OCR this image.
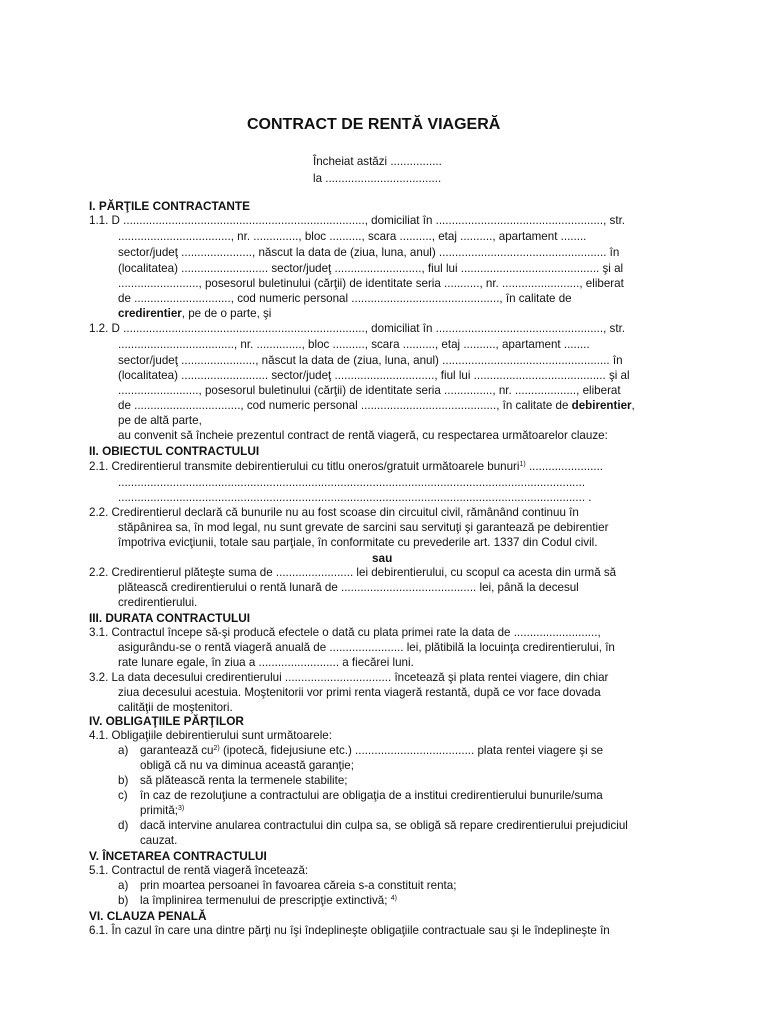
CONTRACT DE RENTĂ VIAGERĂ
Încheiat astăzi ................
la ....................................
I. PĂRŢILE CONTRACTANTE
1.1. D ..........................................................................., domiciliat în ...................................................., str.
..................................., nr. .............., bloc .........., scara .........., etaj .........., apartament ........
sector/judeţ ......................, născut la data de (ziua, luna, anul) .................................................... în
(localitatea) ........................... sector/judeţ ..........................., fiul lui ........................................... şi al
........................., posesorul buletinului (cărţii) de identitate seria ..........., nr. ........................, eliberat
de .............................., cod numeric personal .............................................., în calitate de
credirentier, pe de o parte, şi
1.2. D ..........................................................................., domiciliat în ...................................................., str.
...................................., nr. .............., bloc .........., scara .........., etaj .........., apartament ........
sector/judeţ ......................., născut la data de (ziua, luna, anul) .................................................... în
(localitatea) ........................... sector/judeţ ..............................., fiul lui ......................................... şi al
........................., posesorul buletinului (cărţii) de identitate seria ..............., nr. ..................., eliberat
de ................................., cod numeric personal .........................................., în calitate de debirentier,
pe de altă parte,
au convenit să încheie prezentul contract de rentă viageră, cu respectarea următoarelor clauze:
II. OBIECTUL CONTRACTULUI
2.1. Credirentierul transmite debirentierului cu titlu oneros/gratuit următoarele bunuri$^{1)}$ .......................
.................................................................................................................................................
................................................................................................................................................. .
2.2. Credirentierul declară că bunurile nu au fost scoase din circuitul civil, rămânând continuu în
stăpânirea sa, în mod legal, nu sunt grevate de sarcini sau servituţi şi garantează pe debirentier
împotriva evicţiunii, totale sau parţiale, în conformitate cu prevederile art. 1337 din Codul civil.
sau
2.2. Credirentierul plăteşte suma de ........................ lei debirentierului, cu scopul ca acesta din urmă să
plătească credirentierului o rentă lunară de .......................................... lei, până la decesul
credirentierului.
III. DURATA CONTRACTULUI
3.1. Contractul începe să-şi producă efectele o dată cu plata primei rate la data de ..........................,
asigurându-se o rentă viageră anuală de ....................... lei, plătibilă la locuinţa credirentierului, în
rate lunare egale, în ziua a ......................... a fiecărei luni.
3.2. La data decesului credirentierului ................................. încetează şi plata rentei viagere, din chiar
ziua decesului acestuia. Moştenitorii vor primi renta viageră restantă, după ce vor face dovada
calităţii de moştenitori.
IV. OBLIGAŢIILE PĂRŢILOR
4.1. Obligaţiile debirentierului sunt următoarele:
a) garantează $cu^{2)}$ (ipotecă, fidejusiune etc.) ..................................... plata rentei viagere şi se
obligă că nu va diminua această garanţie;
b) să plătească renta la termenele stabilite;
c) în caz de rezoluţiune a contractului are obligaţia de a institui credirentierului bunurile/suma
primită;$^{3)}$
d) dacă intervine anularea contractului din culpa sa, se obligă să repare credirentierului prejudiciul
cauzat.
V. ÎNCETAREA CONTRACTULUI
5.1. Contractul de rentă viageră încetează:
a) prin moartea persoanei în favoarea căreia s-a constituit renta;
b) la împlinirea termenului de prescripţie extinctivă; $^{4)}$
VI. CLAUZA PENALĂ
6.1. În cazul în care una dintre părţi nu îşi îndeplineşte obligaţiile contractuale sau şi le îndeplineşte în
